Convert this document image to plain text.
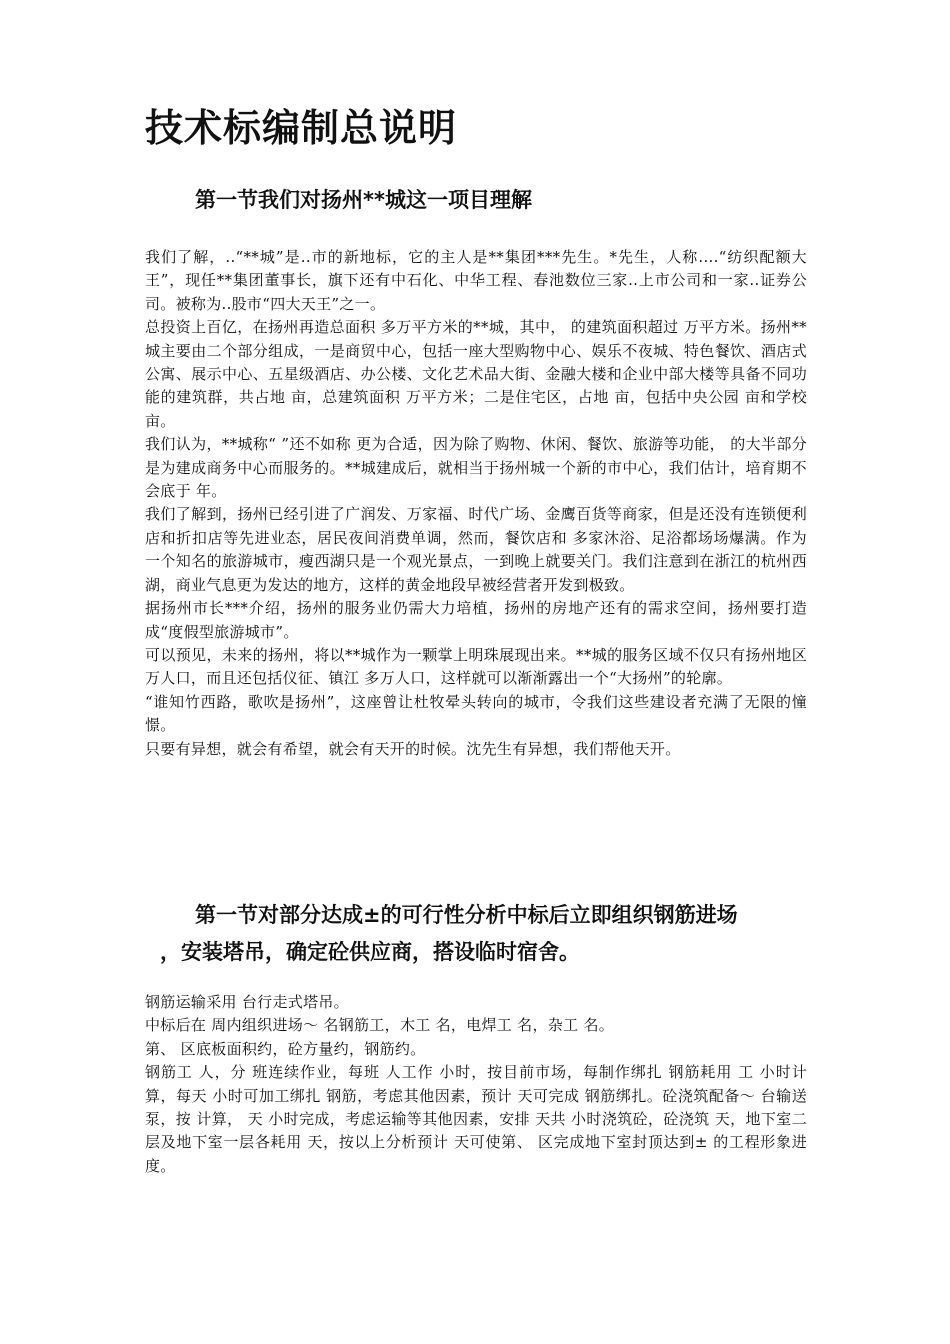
技术标编制总说明
第一节我们对扬州**城这一项目理解

我们了解，..“**城”是..市的新地标，它的主人是**集团***先生。*先生，人称....“纺织配额大王”，现任**集团董事长，旗下还有中石化、中华工程、春池数位三家..上市公司和一家..证券公司。被称为..股市“四大天王”之一。

总投资上百亿，在扬州再造总面积 多万平方米的**城，其中， 的建筑面积超过 万平方米。扬州**城主要由二个部分组成，一是商贸中心，包括一座大型购物中心、娱乐不夜城、特色餐饮、酒店式公寓、展示中心、五星级酒店、办公楼、文化艺术品大街、金融大楼和企业中部大楼等具备不同功能的建筑群，共占地 亩，总建筑面积 万平方米；二是住宅区，占地 亩，包括中央公园 亩和学校 亩。

我们认为，**城称“ ”还不如称 更为合适，因为除了购物、休闲、餐饮、旅游等功能， 的大半部分是为建成商务中心而服务的。**城建成后，就相当于扬州城一个新的市中心，我们估计，培育期不会底于 年。

我们了解到，扬州已经引进了广润发、万家福、时代广场、金鹰百货等商家，但是还没有连锁便利店和折扣店等先进业态，居民夜间消费单调，然而，餐饮店和 多家沐浴、足浴都场场爆满。作为一个知名的旅游城市，瘦西湖只是一个观光景点，一到晚上就要关门。我们注意到在浙江的杭州西湖，商业气息更为发达的地方，这样的黄金地段早被经营者开发到极致。

据扬州市长***介绍，扬州的服务业仍需大力培植，扬州的房地产还有的需求空间，扬州要打造成“度假型旅游城市”。

可以预见，未来的扬州，将以**城作为一颗掌上明珠展现出来。**城的服务区域不仅只有扬州地区 万人口，而且还包括仪征、镇江 多万人口，这样就可以渐渐露出一个“大扬州”的轮廓。

“谁知竹西路，歌吹是扬州”，这座曾让杜牧晕头转向的城市，令我们这些建设者充满了无限的憧憬。

只要有异想，就会有希望，就会有天开的时候。沈先生有异想，我们帮他天开。

第一节对部分达成±的可行性分析中标后立即组织钢筋进场
，安装塔吊，确定砼供应商，搭设临时宿舍。

钢筋运输采用 台行走式塔吊。

中标后在 周内组织进场～ 名钢筋工，木工 名，电焊工 名，杂工 名。

第、 区底板面积约，砼方量约，钢筋约。

钢筋工 人，分 班连续作业，每班 人工作 小时，按目前市场，每制作绑扎 钢筋耗用 工 小时计算，每天 小时可加工绑扎 钢筋，考虑其他因素，预计 天可完成 钢筋绑扎。砼浇筑配备～ 台输送泵，按 计算， 天 小时完成，考虑运输等其他因素，安排 天共 小时浇筑砼，砼浇筑 天，地下室二层及地下室一层各耗用 天，按以上分析预计 天可使第、 区完成地下室封顶达到± 的工程形象进度。
